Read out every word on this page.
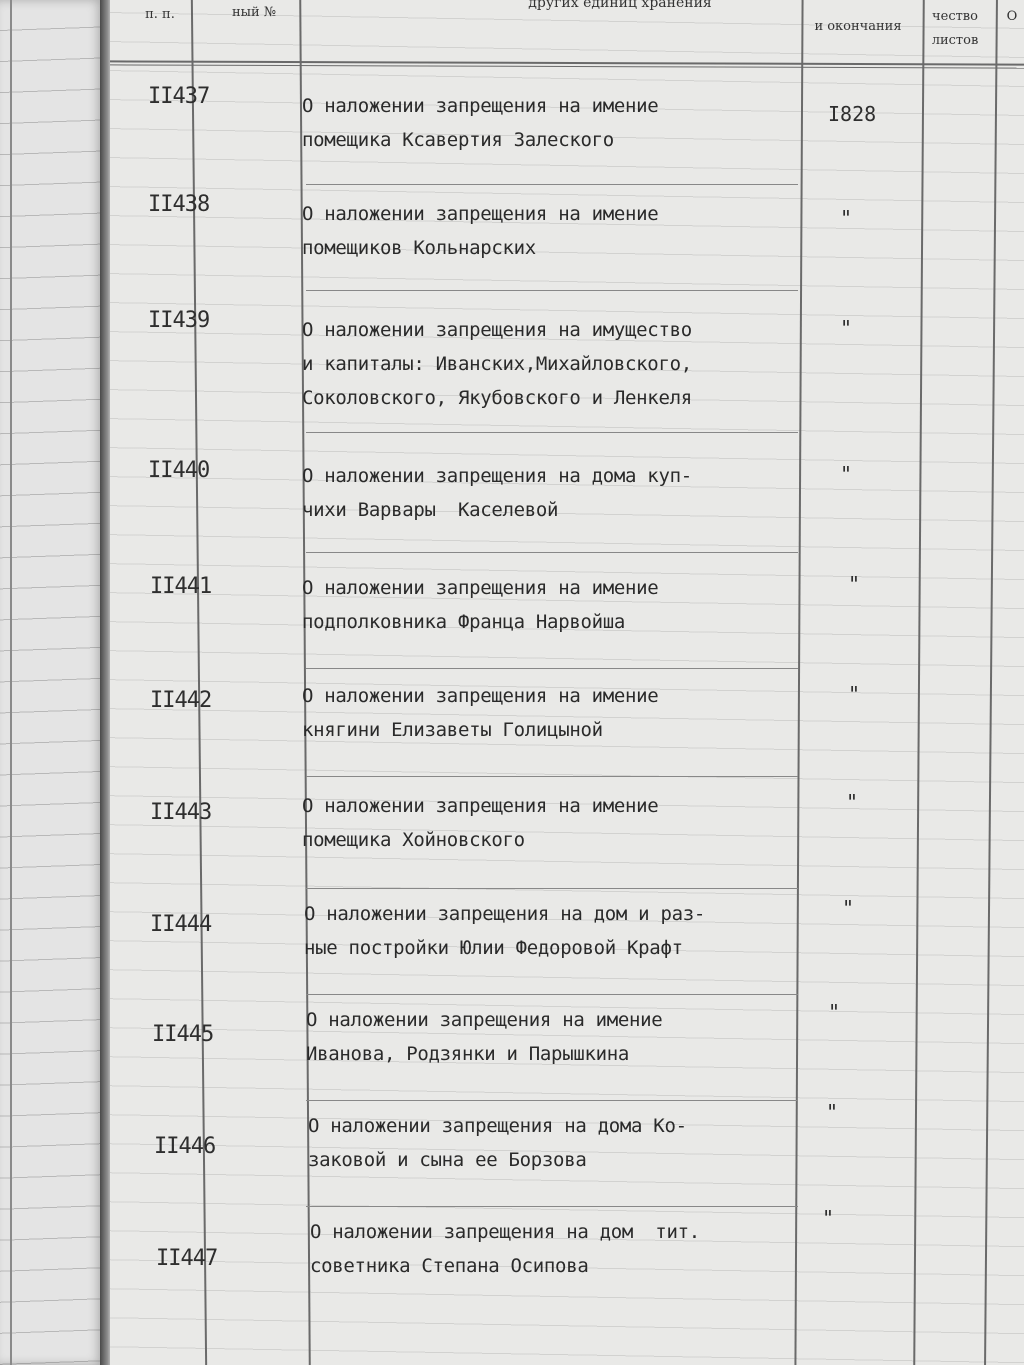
п. п.	ный №
других единиц хранения
и окончания
чество
листов
О
II437	О наложении запрещения на имение
помещика Ксавертия Залеского
I828
II438	О наложении запрещения на имение
помещиков Кольнарских
"
II439	О наложении запрещения на имущество
и капиталы: Иванских,Михайловского,
Соколовского, Якубовского и Ленкеля
"
II440	О наложении запрещения на дома куп-
чихи Варвары  Каселевой
"
II441	О наложении запрещения на имение
подполковника Франца Нарвойша
"
II442	О наложении запрещения на имение
княгини Елизаветы Голицыной
"
II443	О наложении запрещения на имение
помещика Хойновского
"
II444	О наложении запрещения на дом и раз-
ные постройки Юлии Федоровой Крафт
"
II445
О наложении запрещения на имение
Иванова, Родзянки и Парышкина
"
II446
О наложении запрещения на дома Ко-
заковой и сына ее Борзова
"
II447
О наложении запрещения на дом  тит.
советника Степана Осипова
"
